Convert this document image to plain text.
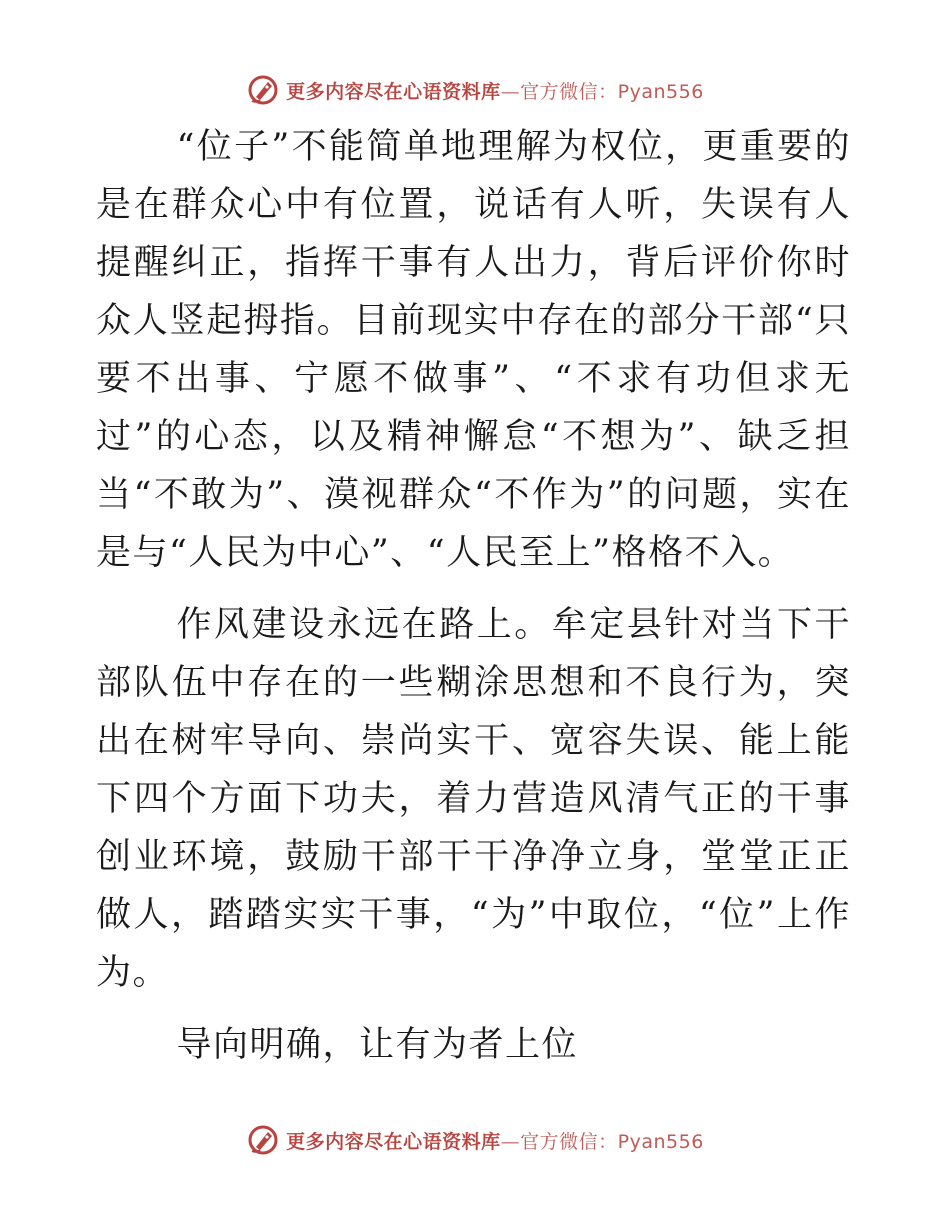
更多内容尽在心语资料库—官方微信：Pyan556

“位子”不能简单地理解为权位，更重要的是在群众心中有位置，说话有人听，失误有人提醒纠正，指挥干事有人出力，背后评价你时众人竖起拇指。目前现实中存在的部分干部“只要不出事、宁愿不做事”、“不求有功但求无过”的心态，以及精神懈怠“不想为”、缺乏担当“不敢为”、漠视群众“不作为”的问题，实在是与“人民为中心”、“人民至上”格格不入。

作风建设永远在路上。牟定县针对当下干部队伍中存在的一些糊涂思想和不良行为，突出在树牢导向、崇尚实干、宽容失误、能上能下四个方面下功夫，着力营造风清气正的干事创业环境，鼓励干部干干净净立身，堂堂正正做人，踏踏实实干事，“为”中取位，“位”上作为。

导向明确，让有为者上位

更多内容尽在心语资料库—官方微信：Pyan556
